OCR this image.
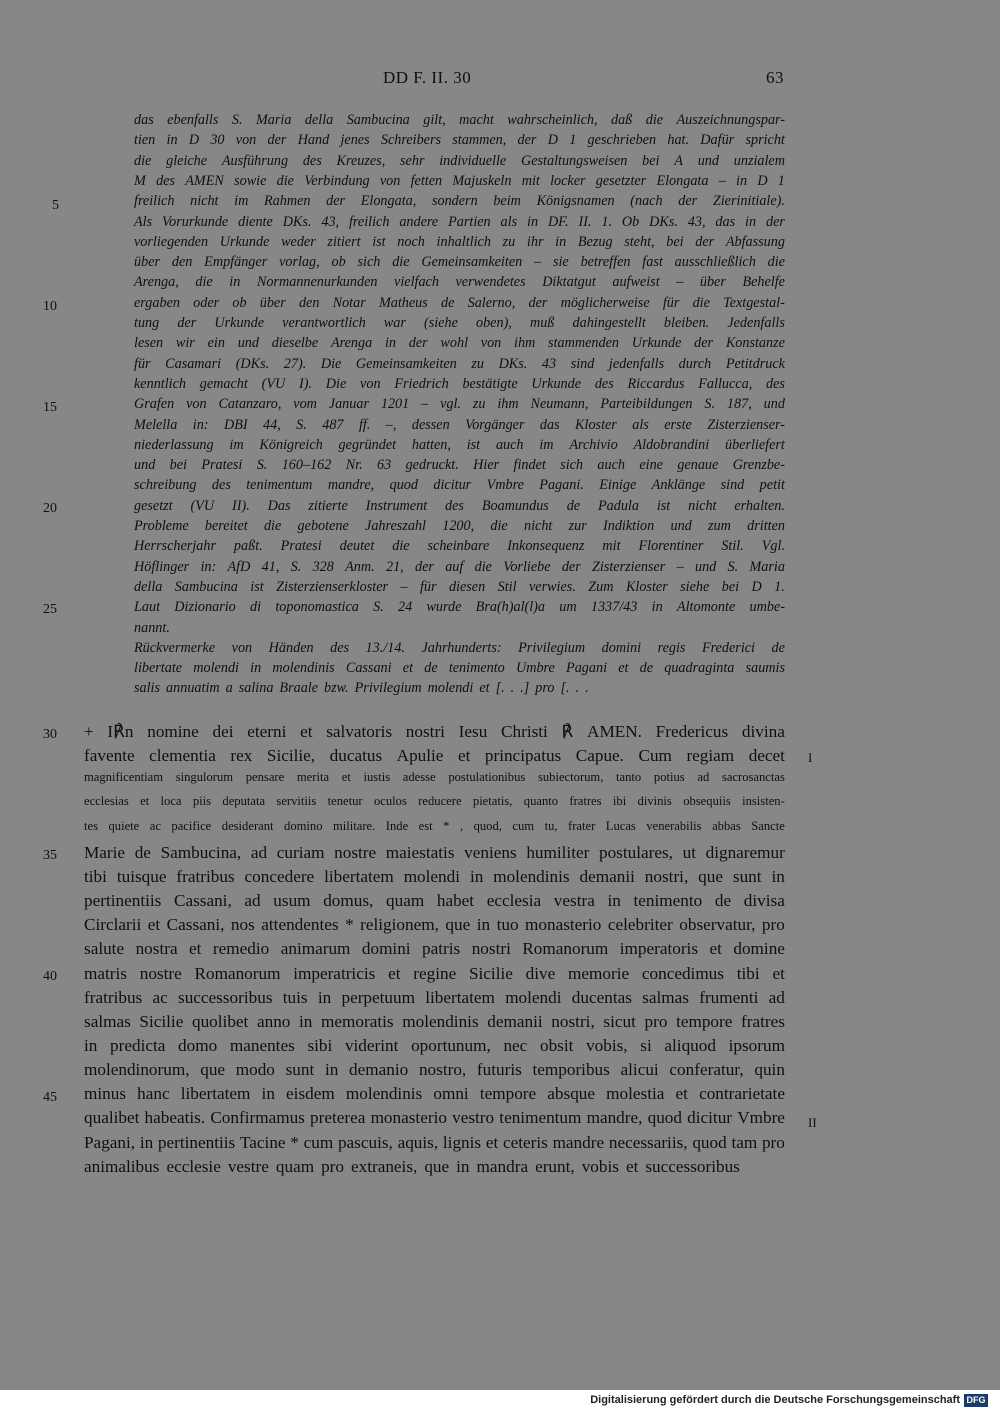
DD F. II. 30	63
das ebenfalls S. Maria della Sambucina gilt, macht wahrscheinlich, daß die Auszeichnungspar-
tien in D 30 von der Hand jenes Schreibers stammen, der D 1 geschrieben hat. Dafür spricht
die gleiche Ausführung des Kreuzes, sehr individuelle Gestaltungsweisen bei A und unzialem
M des AMEN sowie die Verbindung von fetten Majuskeln mit locker gesetzter Elongata – in D 1
freilich nicht im Rahmen der Elongata, sondern beim Königsnamen (nach der Zierinitiale).
Als Vorurkunde diente DKs. 43, freilich andere Partien als in DF. II. 1. Ob DKs. 43, das in der
vorliegenden Urkunde weder zitiert ist noch inhaltlich zu ihr in Bezug steht, bei der Abfassung
über den Empfänger vorlag, ob sich die Gemeinsamkeiten – sie betreffen fast ausschließlich die
Arenga, die in Normannenurkunden vielfach verwendetes Diktatgut aufweist – über Behelfe
ergaben oder ob über den Notar Matheus de Salerno, der möglicherweise für die Textgestal-
tung der Urkunde verantwortlich war (siehe oben), muß dahingestellt bleiben. Jedenfalls
lesen wir ein und dieselbe Arenga in der wohl von ihm stammenden Urkunde der Konstanze
für Casamari (DKs. 27). Die Gemeinsamkeiten zu DKs. 43 sind jedenfalls durch Petitdruck
kenntlich gemacht (VU I). Die von Friedrich bestätigte Urkunde des Riccardus Fallucca, des
Grafen von Catanzaro, vom Januar 1201 – vgl. zu ihm Neumann, Parteibildungen S. 187, und
Melella in: DBI 44, S. 487 ff. –, dessen Vorgänger das Kloster als erste Zisterzienser-
niederlassung im Königreich gegründet hatten, ist auch im Archivio Aldobrandini überliefert
und bei Pratesi S. 160–162 Nr. 63 gedruckt. Hier findet sich auch eine genaue Grenzbe-
schreibung des tenimentum mandre, quod dicitur Vmbre Pagani. Einige Anklänge sind petit
gesetzt (VU II). Das zitierte Instrument des Boamundus de Padula ist nicht erhalten.
Probleme bereitet die gebotene Jahreszahl 1200, die nicht zur Indiktion und zum dritten
Herrscherjahr paßt. Pratesi deutet die scheinbare Inkonsequenz mit Florentiner Stil. Vgl.
Höflinger in: AfD 41, S. 328 Anm. 21, der auf die Vorliebe der Zisterzienser – und S. Maria
della Sambucina ist Zisterzienserkloster – für diesen Stil verwies. Zum Kloster siehe bei D 1.
Laut Dizionario di toponomastica S. 24 wurde Bra(h)al(l)a um 1337/43 in Altomonte umbe-
nannt.
Rückvermerke von Händen des 13./14. Jahrhunderts: Privilegium domini regis Frederici de
libertate molendi in molendinis Cassani et de tenimento Umbre Pagani et de quadraginta saumis
salis annuatim a salina Braale bzw. Privilegium molendi et [. . .] pro [. . .
+ I℟n nomine dei eterni et salvatoris nostri Iesu Christi ℟ AMEN. Fredericus divina
favente clementia rex Sicilie, ducatus Apulie et principatus Capue. Cum regiam decet
magnificentiam singulorum pensare merita et iustis adesse postulationibus subiectorum, tanto potius ad sacrosanctas
ecclesias et loca piis deputata servitiis tenetur oculos reducere pietatis, quanto fratres ibi divinis obsequiis insisten-
tes quiete ac pacifice desiderant domino militare. Inde est * , quod, cum tu, frater Lucas venerabilis abbas Sancte
Marie de Sambucina, ad curiam nostre maiestatis veniens humiliter postulares, ut dignaremur
tibi tuisque fratribus concedere libertatem molendi in molendinis demanii nostri, que sunt in
pertinentiis Cassani, ad usum domus, quam habet ecclesia vestra in tenimento de divisa
Circlarii et Cassani, nos attendentes * religionem, que in tuo monasterio celebriter observatur, pro
salute nostra et remedio animarum domini patris nostri Romanorum imperatoris et domine
matris nostre Romanorum imperatricis et regine Sicilie dive memorie concedimus tibi et
fratribus ac successoribus tuis in perpetuum libertatem molendi ducentas salmas frumenti ad
salmas Sicilie quolibet anno in memoratis molendinis demanii nostri, sicut pro tempore fratres
in predicta domo manentes sibi viderint oportunum, nec obsit vobis, si aliquod ipsorum
molendinorum, que modo sunt in demanio nostro, futuris temporibus alicui conferatur, quin
minus hanc libertatem in eisdem molendinis omni tempore absque molestia et contrarietate
qualibet habeatis. Confirmamus preterea monasterio vestro tenimentum mandre, quod dicitur Vmbre
Pagani, in pertinentiis Tacine * cum pascuis, aquis, lignis et ceteris mandre necessariis, quod tam pro
animalibus ecclesie vestre quam pro extraneis, que in mandra erunt, vobis et successoribus
5
10
15
20
25
30
35
40
45
I
II
Digitalisierung gefördert durch die Deutsche Forschungsgemeinschaft DFG
